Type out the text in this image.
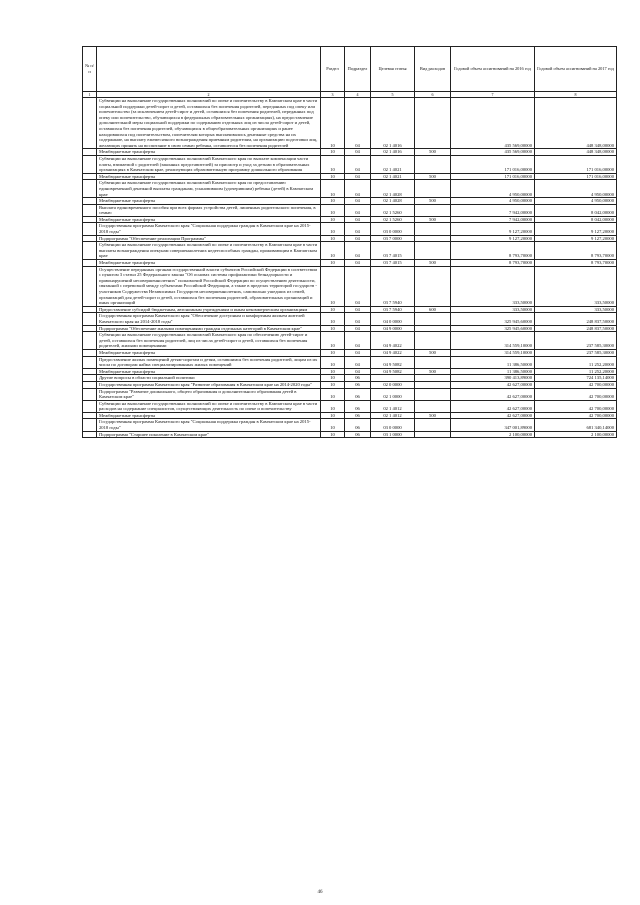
№ п/п		Раздел	Подраздел	Целевая статья	Вид расходов	Годовой объем ассигнований на 2016 год	Годовой объем ассигнований на 2017 год
1	2	3	4	5	6	7	8
	Субвенции на выполнение государственных полномочий по опеке и попечительству в Камчатском крае в части социальной поддержки детей-сирот и детей, оставшихся без попечения родителей, переданных под опеку или попечительство (за исключением детей-сирот и детей, оставшихся без попечения родителей, переданных под опеку или попечительство, обучающихся в федеральных образовательных организациях), на предоставление дополнительной меры социальной поддержки по содержанию отдельных лиц из числа детей-сирот и детей, оставшихся без попечения родителей, обучающихся в общеобразовательных организациях и ранее находившихся под попечительством, попечителям которых выплачивались денежные средства на их содержание, на выплату ежемесячного вознаграждения приемным родителям, на организацию подготовки лиц, желающих принять на воспитание в свою семью ребенка, оставшегося без попечения родителей	10	04	02 1 4016		435 569,00000	448 348,00000
	Межбюджетные трансферты	10	04	02 1 4016	500	435 569,00000	448 348,00000
	Субвенции на выполнение государственных полномочий Камчатского края по выплате компенсации части платы, взимаемой с родителей (законных представителей) за присмотр и уход за детьми в образовательных организациях в Камчатском крае, реализующих образовательную программу дошкольного образования	10	04	02 1 4021		171 016,00000	171 016,00000
	Межбюджетные трансферты	10	04	02 1 4021	500	171 016,00000	171 016,00000
	Субвенции на выполнение государственных полномочий Камчатского края по предоставлению единовременной денежной выплаты гражданам, усыновившим (удочерившим) ребенка (детей) в Камчатском крае	10	04	02 1 4028		4 950,00000	4 950,00000
	Межбюджетные трансферты	10	04	02 1 4028	500	4 950,00000	4 950,00000
	Выплата единовременного пособия при всех формах устройства детей, лишенных родительского попечения, в семью	10	04	02 1 5260		7 942,00000	8 042,00000
	Межбюджетные трансферты	10	04	02 1 5260	500	7 942,00000	8 042,00000
	Государственная программа Камчатского края "Социальная поддержка граждан в Камчатском крае на 2015-2018 годы"	10	04	03 0 0000		9 127,20000	9 127,20000
	Подпрограмма "Обеспечение реализации Программы"	10	04	03 7 0000		9 127,20000	9 127,20000
	Субвенции на выполнение государственных полномочий по опеке и попечительству в Камчатском крае в части выплаты вознаграждения опекунам совершеннолетних недееспособных граждан, проживающим в Камчатском крае	10	04	03 7 4015		8 793,70000	8 793,70000
	Межбюджетные трансферты	10	04	03 7 4015	500	8 793,70000	8 793,70000
	Осуществление переданных органам государственной власти субъектов Российской Федерации в соответствии с пунктом 3 статьи 25 Федерального закона "Об основах системы профилактики безнадзорности и правонарушений несовершеннолетних" полномочий Российской Федерации по осуществлению деятельности, связанной с перевозкой между субъектами Российской Федерации, а также в пределах территорий государств - участников Содружества Независимых Государств несовершеннолетних, самовольно ушедших из семей, организаций для детей-сирот и детей, оставшихся без попечения родителей, образовательных организаций и иных организаций	10	04	03 7 5940		333,50000	333,50000
	Предоставление субсидий бюджетным, автономным учреждениям и иным некоммерческим организациям	10	04	03 7 5940	600	333,50000	333,50000
	Государственная программа Камчатского края "Обеспечение доступным и комфортным жильем жителей Камчатского края на 2014-2018 годы"	10	04	04 0 0000		325 945,60000	248 837,50000
	Подпрограмма "Обеспечение жилыми помещениями граждан отдельных категорий в Камчатском крае"	10	04	04 9 0000		325 945,60000	248 837,50000
	Субвенции на выполнение государственных полномочий Камчатского края по обеспечению детей-сирот и детей, оставшихся без попечения родителей, лиц из числа детей-сирот и детей, оставшихся без попечения родителей, жилыми помещениями	10	04	04 9 4022		314 559,10000	237 585,30000
	Межбюджетные трансферты	10	04	04 9 4022	500	314 559,10000	237 585,30000
	Предоставление жилых помещений детям-сиротам и детям, оставшимся без попечения родителей, лицам из их числа по договорам найма специализированных жилых помещений	10	04	04 9 5082		11 386,50000	11 252,20000
	Межбюджетные трансферты	10	04	04 9 5082	500	11 386,50000	11 252,20000
	Другие вопросы в области социальной политики	10	06			390 413,89000	724 135,14000
	Государственная программа Камчатского края "Развитие образования в Камчатском крае на 2014-2020 годы"	10	06	02 0 0000		42 627,00000	42 700,00000
	Подпрограмма "Развитие дошкольного, общего образования и дополнительного образования детей в Камчатском крае"	10	06	02 1 0000		42 627,00000	42 700,00000
	Субвенции на выполнение государственных полномочий по опеке и попечительству в Камчатском крае в части расходов на содержание специалистов, осуществляющих деятельность по опеке и попечительству	10	06	02 1 4012		42 627,00000	42 700,00000
	Межбюджетные трансферты	10	06	02 1 4012	500	42 627,00000	42 700,00000
	Государственная программа Камчатского края "Социальная поддержка граждан в Камчатском крае на 2015-2018 годы"	10	06	03 0 0000		347 001,89000	681 340,14000
	Подпрограмма "Старшее поколение в Камчатском крае"	10	06	03 1 0000		2 100,00000	2 100,00000
46
